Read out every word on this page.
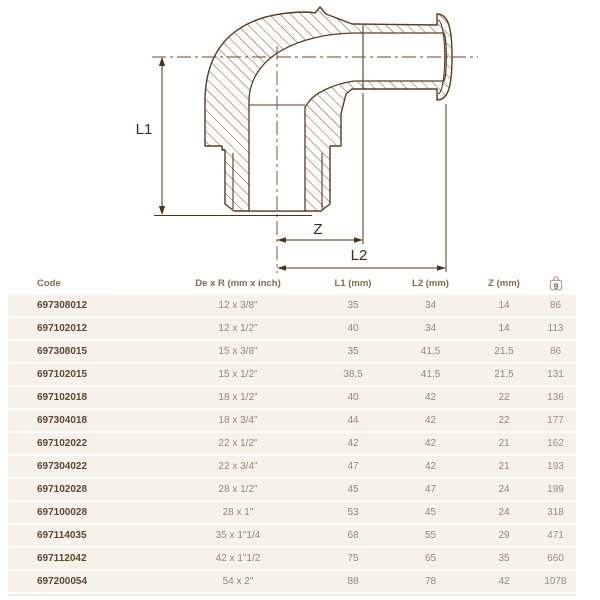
L1
Z
L2
Code	De x R (mm x inch)	L1 (mm)	L2 (mm)	Z (mm)	g
697308012	12 x 3/8"	35	34	14	86
697102012	12 x 1/2"	40	34	14	113
697308015	15 x 3/8"	35	41,5	21,5	86
697102015	15 x 1/2"	38,5	41,5	21,5	131
697102018	18 x 1/2"	40	42	22	136
697304018	18 x 3/4"	44	42	22	177
697102022	22 x 1/2"	42	42	21	162
697304022	22 x 3/4"	47	42	21	193
697102028	28 x 1/2"	45	47	24	199
697100028	28 x 1"	53	45	24	318
697114035	35 x 1"1/4	68	55	29	471
697112042	42 x 1"1/2	75	65	35	660
697200054	54 x 2"	88	78	42	1078
